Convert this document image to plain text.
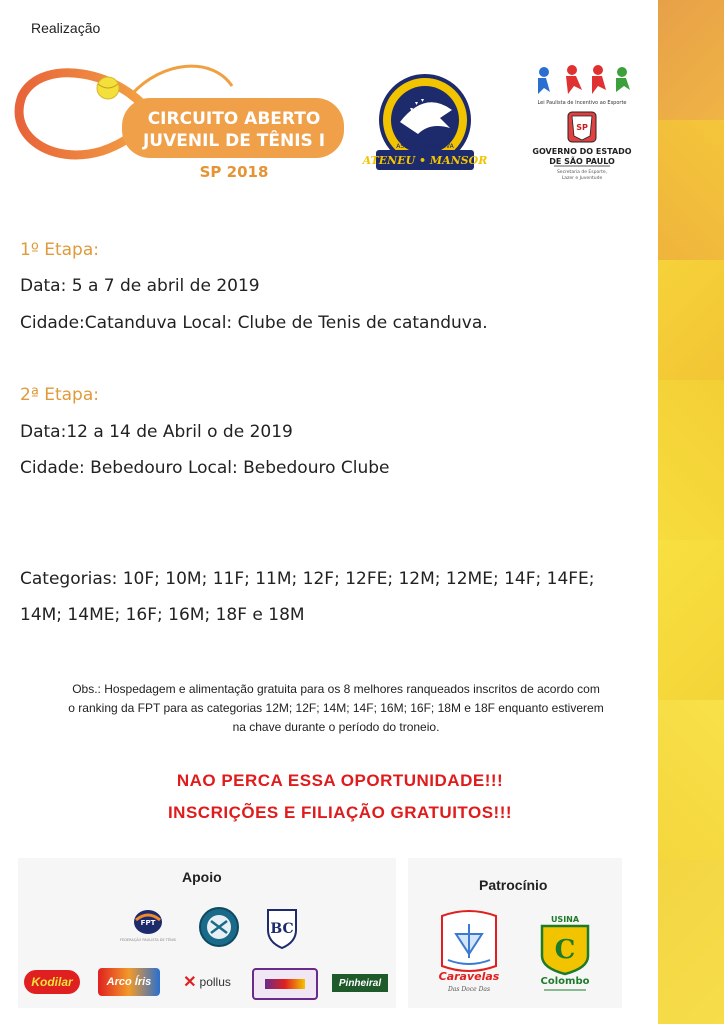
Realização
CIRCUITO ABERTO
JUVENIL DE TÊNIS I
SP 2018
ASSOC. ESPORTIVA
ATENEU • MANSOR
Lei Paulista de Incentivo ao Esporte
SP
GOVERNO DO ESTADO
DE SÃO PAULO
Secretaria de Esporte,
Lazer e Juventude
1º Etapa:
Data: 5 a 7 de abril de 2019
Cidade:Catanduva Local: Clube de Tenis de catanduva.
2ª Etapa:
Data:12 a 14 de Abril o de 2019
Cidade: Bebedouro Local: Bebedouro Clube
Categorias: 10F; 10M; 11F; 11M; 12F; 12FE; 12M; 12ME; 14F; 14FE;
14M; 14ME; 16F; 16M; 18F e 18M
Obs.: Hospedagem e alimentação gratuita para os 8 melhores ranqueados inscritos de acordo com
o ranking da FPT para as categorias 12M; 12F; 14M; 14F; 16M; 16F; 18M e 18F enquanto estiverem
na chave durante o período do troneio.
NAO PERCA ESSA OPORTUNIDADE!!!
INSCRIÇÕES E FILIAÇÃO GRATUITOS!!!
Apoio
FPT
FEDERAÇÃO PAULISTA DE TÊNIS
BC
Kodilar	Arco Íris ✕ pollus	Pinheiral
Patrocínio
Caravelas
Das Doce Das
USINA
C
Colombo
